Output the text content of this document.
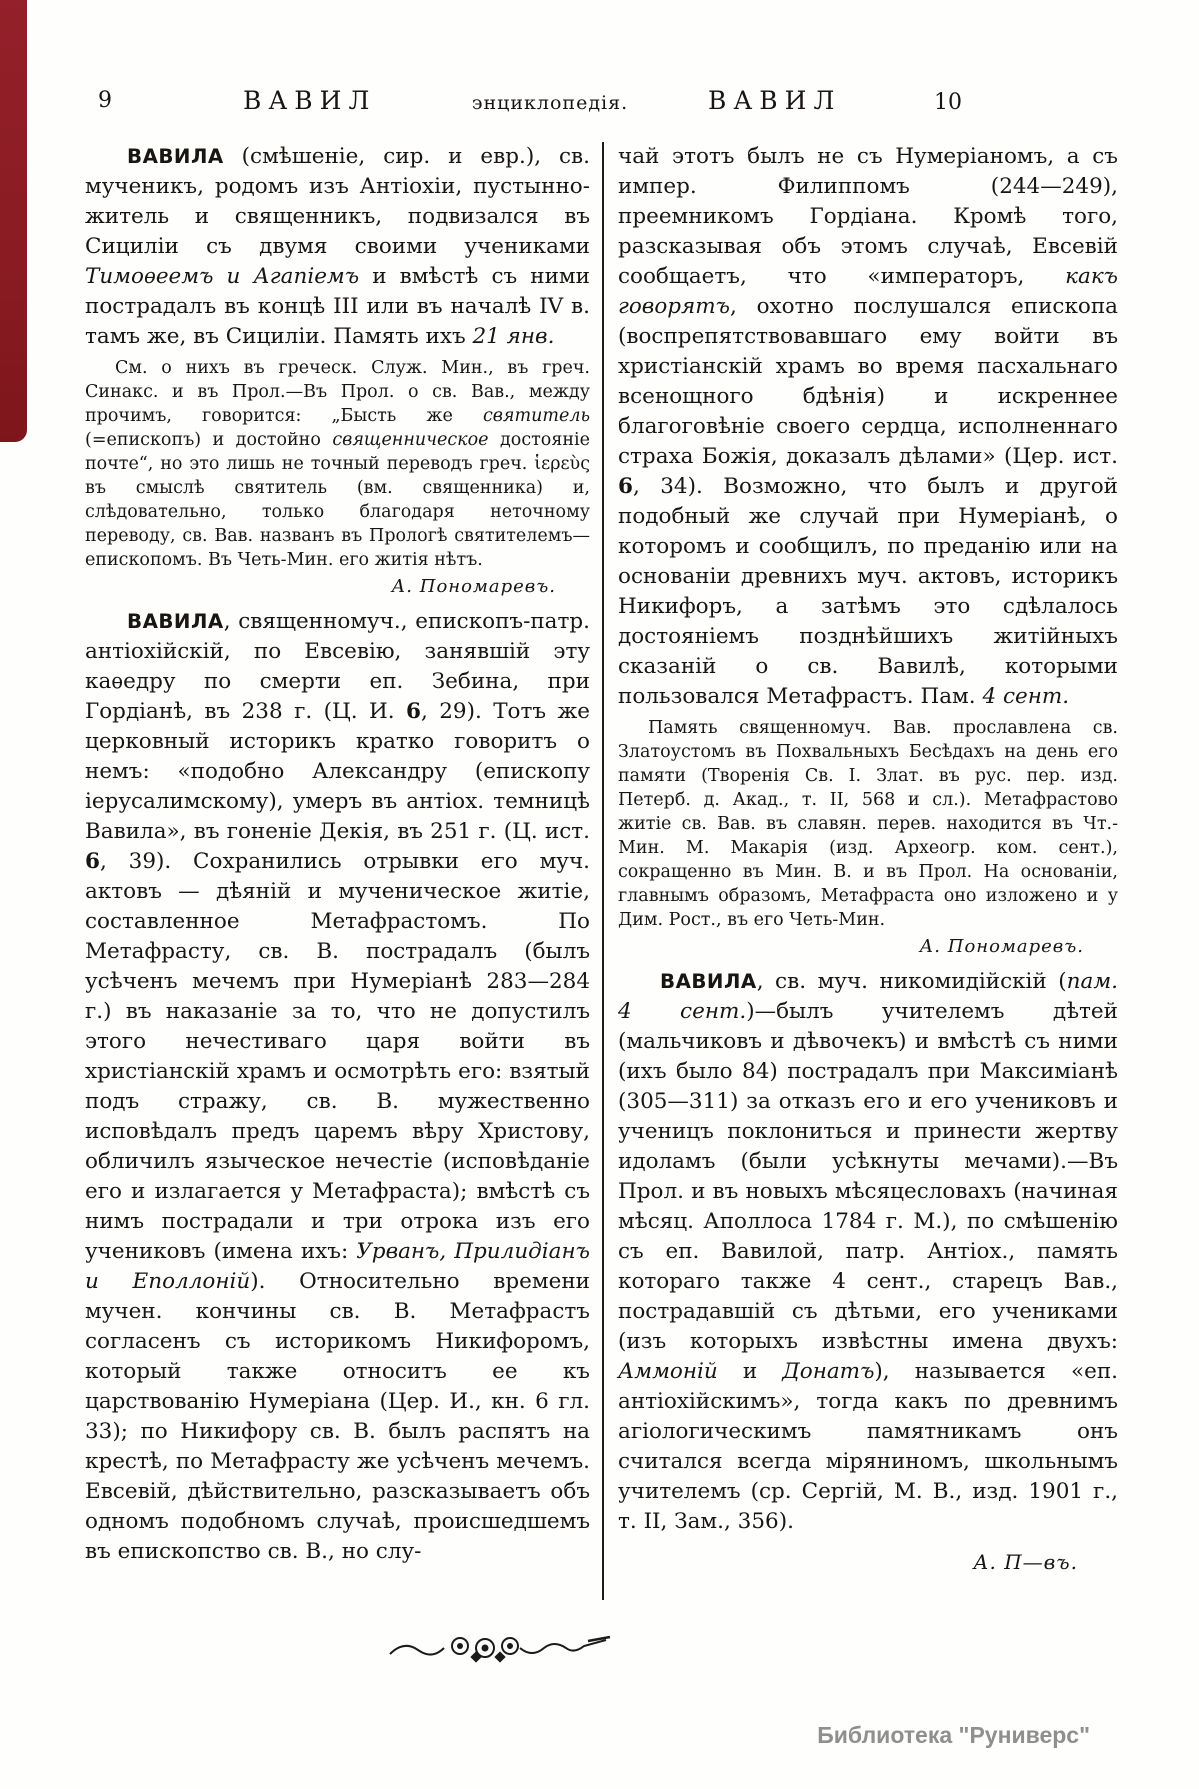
9	ВАВИЛ	энциклопедія.	ВАВИЛ	10

ВАВИЛА (смѣшеніе, сир. и евр.), св. мученикъ, родомъ изъ Антіохіи, пустынно-житель и священникъ, подвизался въ Сициліи съ двумя своими учениками Тимоѳеемъ и Агапіемъ и вмѣстѣ съ ними пострадалъ въ концѣ III или въ началѣ IV в. тамъ же, въ Сициліи. Память ихъ 21 янв.

См. о нихъ въ греческ. Служ. Мин., въ греч. Синакс. и въ Прол.—Въ Прол. о св. Вав., между прочимъ, говорится: „Бысть же святитель (=епископъ) и достойно священническое достояніе почте“, но это лишь не точный переводъ греч. ἱερεὺς въ смыслѣ святитель (вм. священника) и, слѣдовательно, только благодаря неточному переводу, св. Вав. названъ въ Прологѣ святителемъ—епископомъ. Въ Четь-Мин. его житія нѣтъ.

А. Пономаревъ.

ВАВИЛА, священномуч., епископъ-патр. антіохійскій, по Евсевію, занявшій эту каѳедру по смерти еп. Зебина, при Гордіанѣ, въ 238 г. (Ц. И. 6, 29). Тотъ же церковный историкъ кратко говоритъ о немъ: «подобно Александру (епископу іерусалимскому), умеръ въ антіох. темницѣ Вавила», въ гоненіе Декія, въ 251 г. (Ц. ист. 6, 39). Сохранились отрывки его муч. актовъ — дѣяній и мученическое житіе, составленное Метафрастомъ. По Метафрасту, св. В. пострадалъ (былъ усѣченъ мечемъ при Нумеріанѣ 283—284 г.) въ наказаніе за то, что не допустилъ этого нечестиваго царя войти въ христіанскій храмъ и осмотрѣть его: взятый подъ стражу, св. В. мужественно исповѣдалъ предъ царемъ вѣру Христову, обличилъ языческое нечестіе (исповѣданіе его и излагается у Метафраста); вмѣстѣ съ нимъ пострадали и три отрока изъ его учениковъ (имена ихъ: Урванъ, Прилидіанъ и Еполлоній). Относительно времени мучен. кончины св. В. Метафрастъ согласенъ съ историкомъ Никифоромъ, который также относитъ ее къ царствованію Нумеріана (Цер. И., кн. 6 гл. 33); по Никифору св. В. былъ распятъ на крестѣ, по Метафрасту же усѣченъ мечемъ. Евсевій, дѣйствительно, разсказываетъ объ одномъ подобномъ случаѣ, происшедшемъ въ епископство св. В., но слу-

чай этотъ былъ не съ Нумеріаномъ, а съ импер. Филиппомъ (244—249), преемникомъ Гордіана. Кромѣ того, разсказывая объ этомъ случаѣ, Евсевій сообщаетъ, что «императоръ, какъ говорятъ, охотно послушался епископа (воспрепятствовавшаго ему войти въ христіанскій храмъ во время пасхальнаго всенощного бдѣнія) и искреннее благоговѣніе своего сердца, исполненнаго страха Божія, доказалъ дѣлами» (Цер. ист. 6, 34). Возможно, что былъ и другой подобный же случай при Нумеріанѣ, о которомъ и сообщилъ, по преданію или на основаніи древнихъ муч. актовъ, историкъ Никифоръ, а затѣмъ это сдѣлалось достояніемъ позднѣйшихъ житійныхъ сказаній о св. Вавилѣ, которыми пользовался Метафрастъ. Пам. 4 сент.

Память священномуч. Вав. прославлена св. Златоустомъ въ Похвальныхъ Бесѣдахъ на день его памяти (Творенія Св. І. Злат. въ рус. пер. изд. Петерб. д. Акад., т. II, 568 и сл.). Метафрастово житіе св. Вав. въ славян. перев. находится въ Чт.-Мин. М. Макарія (изд. Археогр. ком. сент.), сокращенно въ Мин. В. и въ Прол. На основаніи, главнымъ образомъ, Метафраста оно изложено и у Дим. Рост., въ его Четь-Мин.

А. Пономаревъ.

ВАВИЛА, св. муч. никомидійскій (пам. 4 сент.)—былъ учителемъ дѣтей (мальчиковъ и дѣвочекъ) и вмѣстѣ съ ними (ихъ было 84) пострадалъ при Максиміанѣ (305—311) за отказъ его и его учениковъ и ученицъ поклониться и принести жертву идоламъ (были усѣкнуты мечами).—Въ Прол. и въ новыхъ мѣсяцесловахъ (начиная мѣсяц. Аполлоса 1784 г. М.), по смѣшенію съ еп. Вавилой, патр. Антіох., память котораго также 4 сент., старецъ Вав., пострадавшій съ дѣтьми, его учениками (изъ которыхъ извѣстны имена двухъ: Аммоній и Донатъ), называется «еп. антіохійскимъ», тогда какъ по древнимъ агіологическимъ памятникамъ онъ считался всегда міряниномъ, школьнымъ учителемъ (ср. Сергій, М. В., изд. 1901 г., т. II, Зам., 356).

А. П—въ.

Библиотека "Руниверс"
